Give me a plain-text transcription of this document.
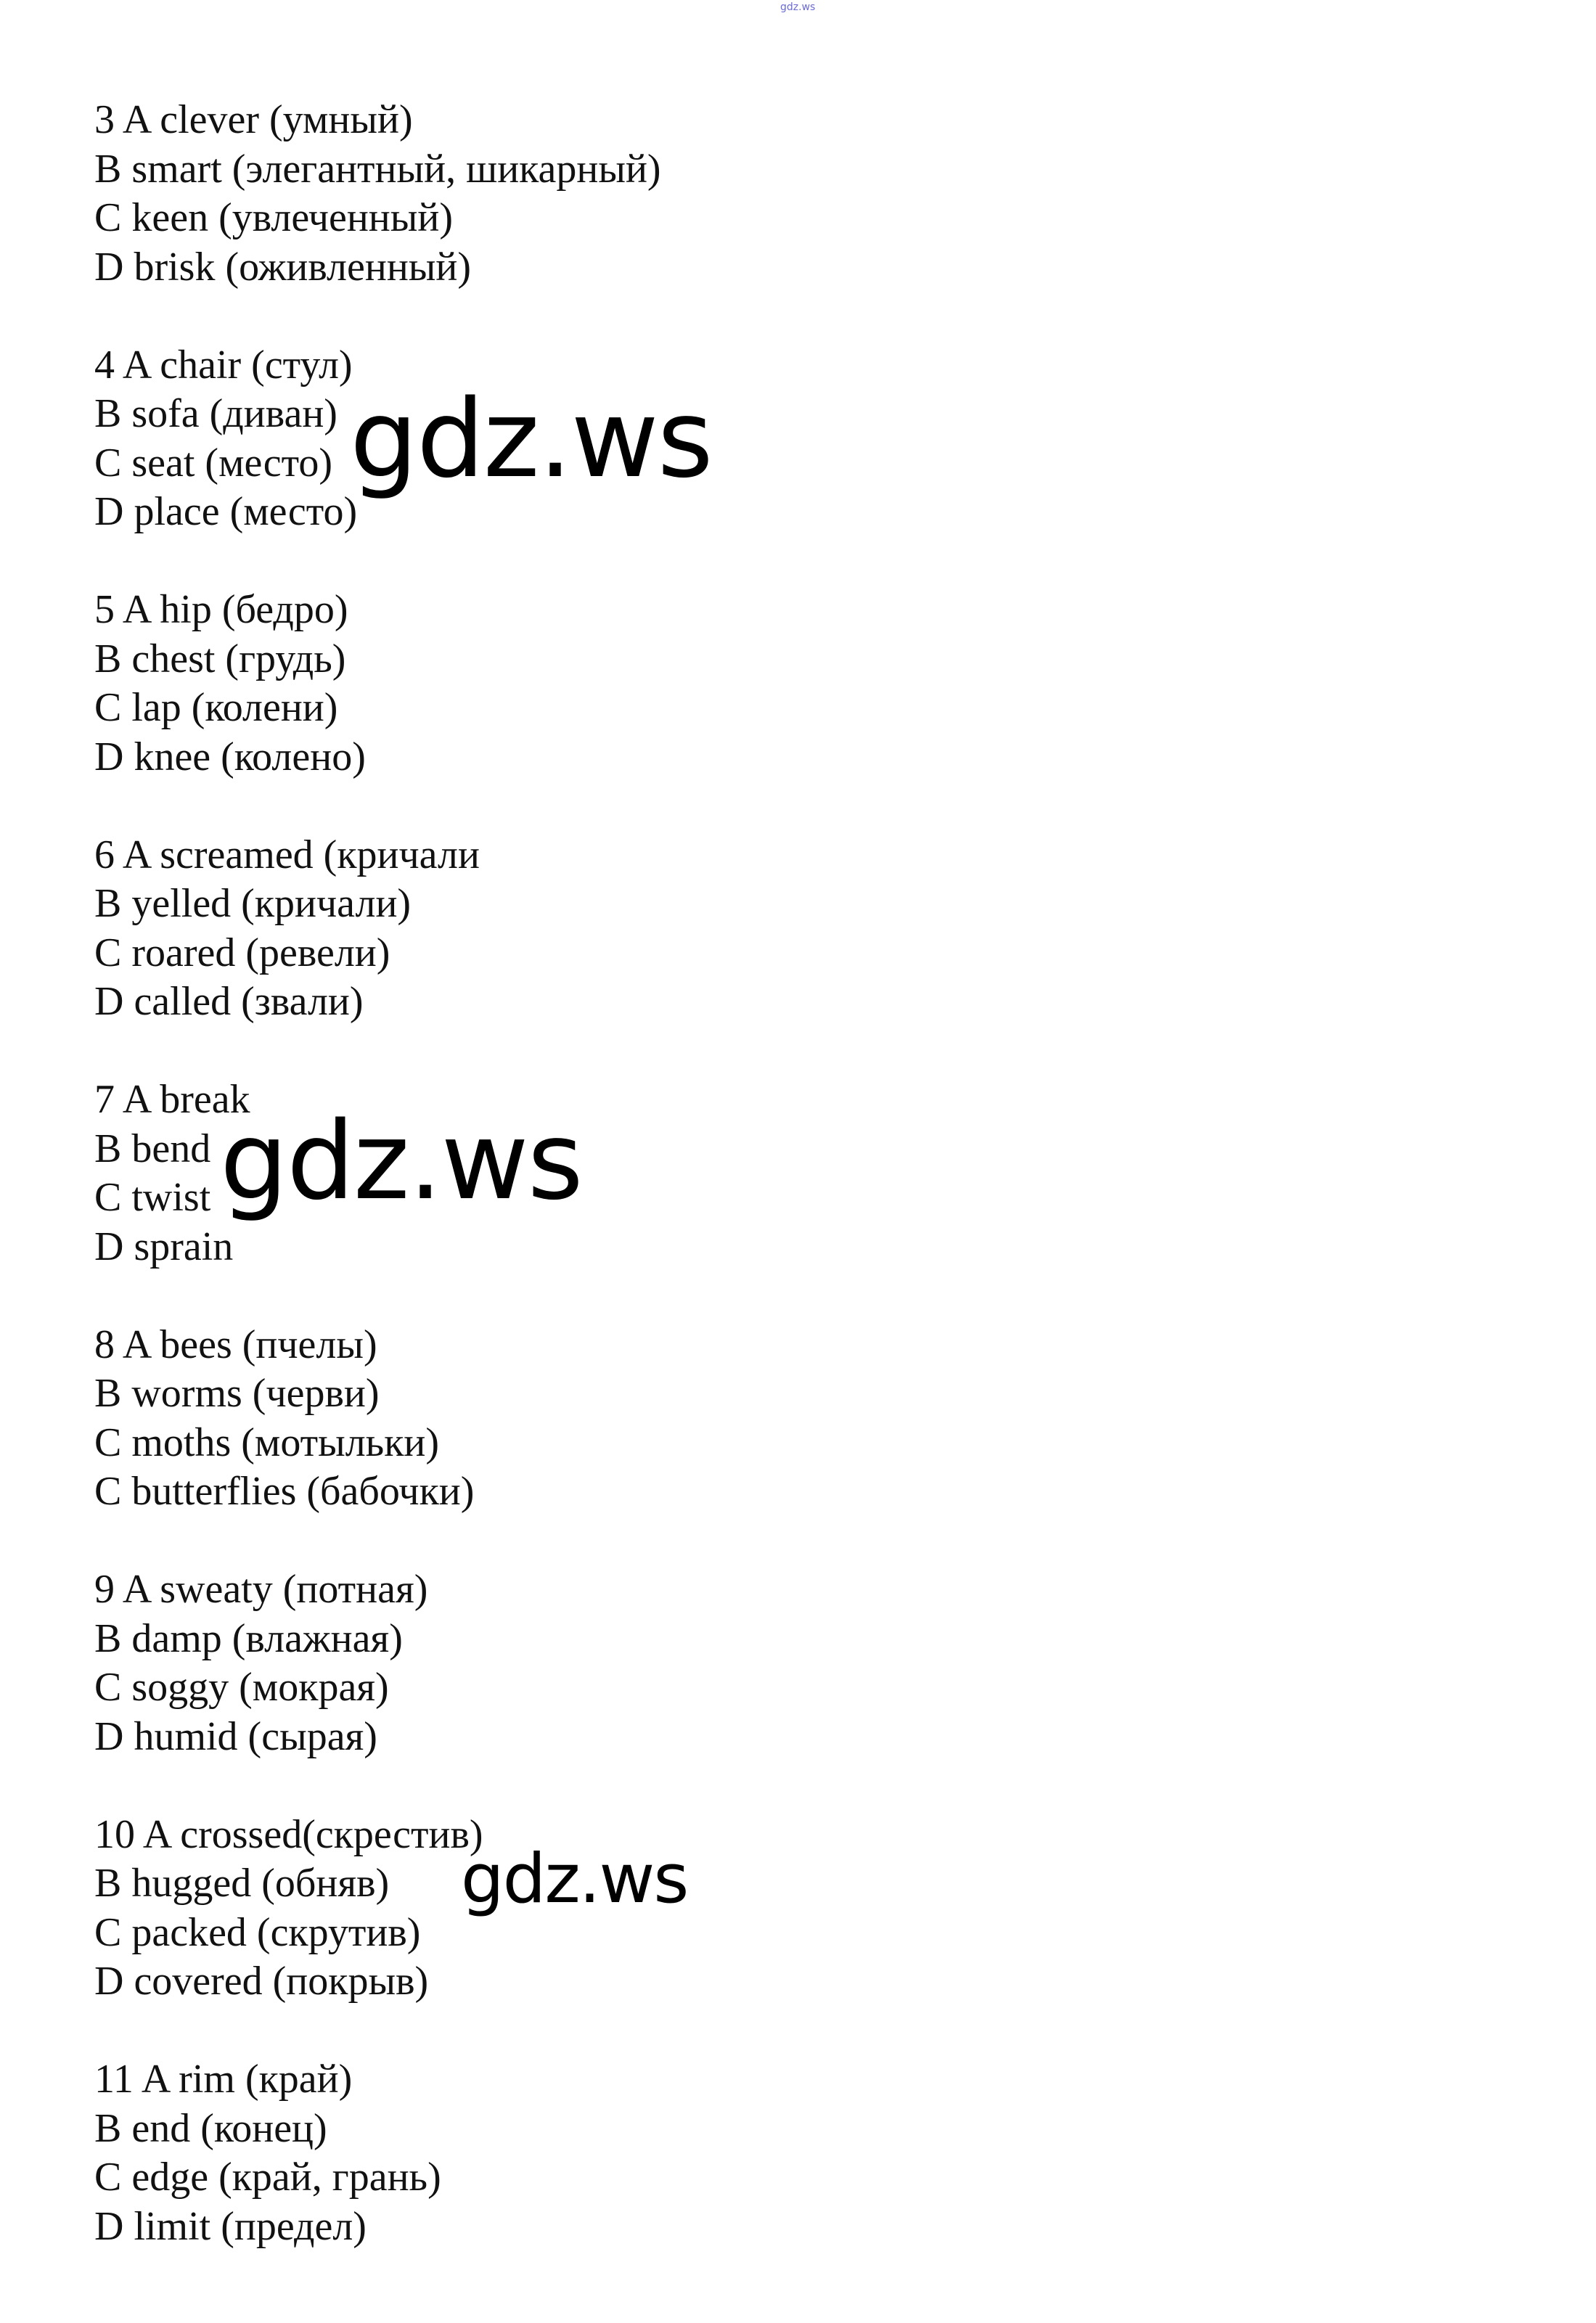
gdz.ws
3 A clever (умный)
B smart (элегантный, шикарный)
C keen (увлеченный)
D brisk (оживленный)
4 A chair (стул)
B sofa (диван)
C seat (место)
D place (место)
5 A hip (бедро)
B chest (грудь)
C lap (колени)
D knee (колено)
6 A screamed (кричали
B yelled (кричали)
C roared (ревели)
D called (звали)
7 A break
B bend
C twist
D sprain
8 A bees (пчелы)
B worms (черви)
C moths (мотыльки)
C butterflies (бабочки)
9 A sweaty (потная)
B damp (влажная)
C soggy (мокрая)
D humid (сырая)
10 A crossed(скрестив)
B hugged (обняв)
C packed (скрутив)
D covered (покрыв)
11 A rim (край)
B end (конец)
C edge (край, грань)
D limit (предел)
gdz.ws
gdz.ws
gdz.ws
